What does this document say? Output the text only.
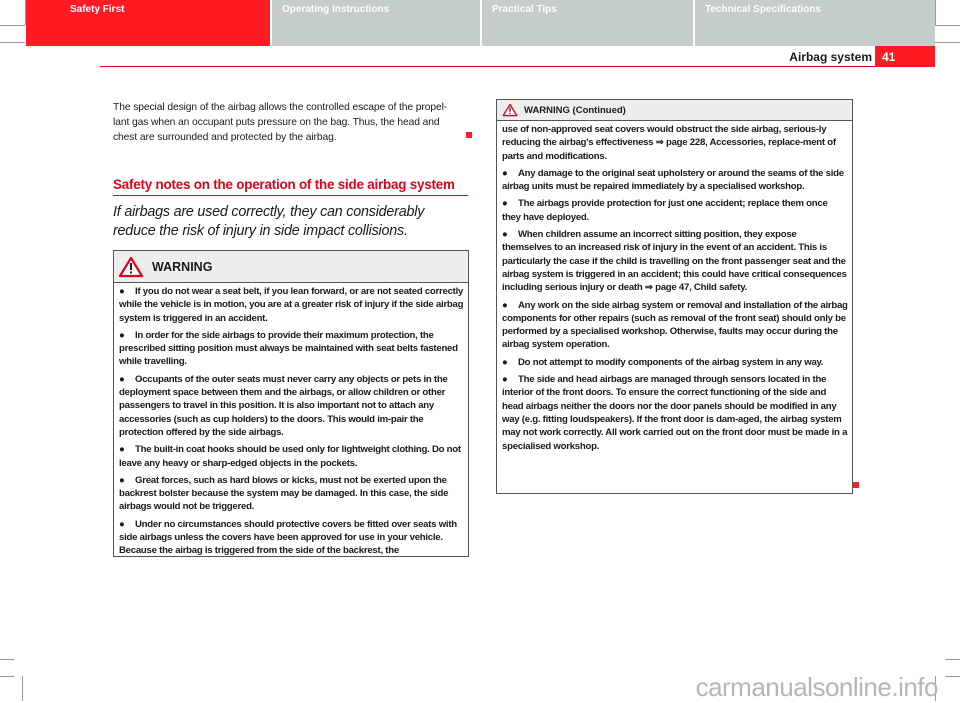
Airbag system 41
The special design of the airbag allows the controlled escape of the propel-lant gas when an occupant puts pressure on the bag. Thus, the head and chest are surrounded and protected by the airbag.
Safety notes on the operation of the side airbag system
If airbags are used correctly, they can considerably reduce the risk of injury in side impact collisions.
WARNING

● If you do not wear a seat belt, if you lean forward, or are not seated correctly while the vehicle is in motion, you are at a greater risk of injury if the side airbag system is triggered in an accident.

● In order for the side airbags to provide their maximum protection, the prescribed sitting position must always be maintained with seat belts fastened while travelling.

● Occupants of the outer seats must never carry any objects or pets in the deployment space between them and the airbags, or allow children or other passengers to travel in this position. It is also important not to attach any accessories (such as cup holders) to the doors. This would im-pair the protection offered by the side airbags.

● The built-in coat hooks should be used only for lightweight clothing. Do not leave any heavy or sharp-edged objects in the pockets.

● Great forces, such as hard blows or kicks, must not be exerted upon the backrest bolster because the system may be damaged. In this case, the side airbags would not be triggered.

● Under no circumstances should protective covers be fitted over seats with side airbags unless the covers have been approved for use in your vehicle. Because the airbag is triggered from the side of the backrest, the

WARNING (Continued)

use of non-approved seat covers would obstruct the side airbag, serious-ly reducing the airbag's effectiveness ⇒ page 228, Accessories, replace-ment of parts and modifications.

● Any damage to the original seat upholstery or around the seams of the side airbag units must be repaired immediately by a specialised workshop.

● The airbags provide protection for just one accident; replace them once they have deployed.

● When children assume an incorrect sitting position, they expose themselves to an increased risk of injury in the event of an accident. This is particularly the case if the child is travelling on the front passenger seat and the airbag system is triggered in an accident; this could have critical consequences including serious injury or death ⇒ page 47, Child safety.

● Any work on the side airbag system or removal and installation of the airbag components for other repairs (such as removal of the front seat) should only be performed by a specialised workshop. Otherwise, faults may occur during the airbag system operation.

● Do not attempt to modify components of the airbag system in any way.

● The side and head airbags are managed through sensors located in the interior of the front doors. To ensure the correct functioning of the side and head airbags neither the doors nor the door panels should be modified in any way (e.g. fitting loudspeakers). If the front door is dam-aged, the airbag system may not work correctly. All work carried out on the front door must be made in a specialised workshop.

Safety First	Operating Instructions	Practical Tips	Technical Specifications
carmanualsonline.info
